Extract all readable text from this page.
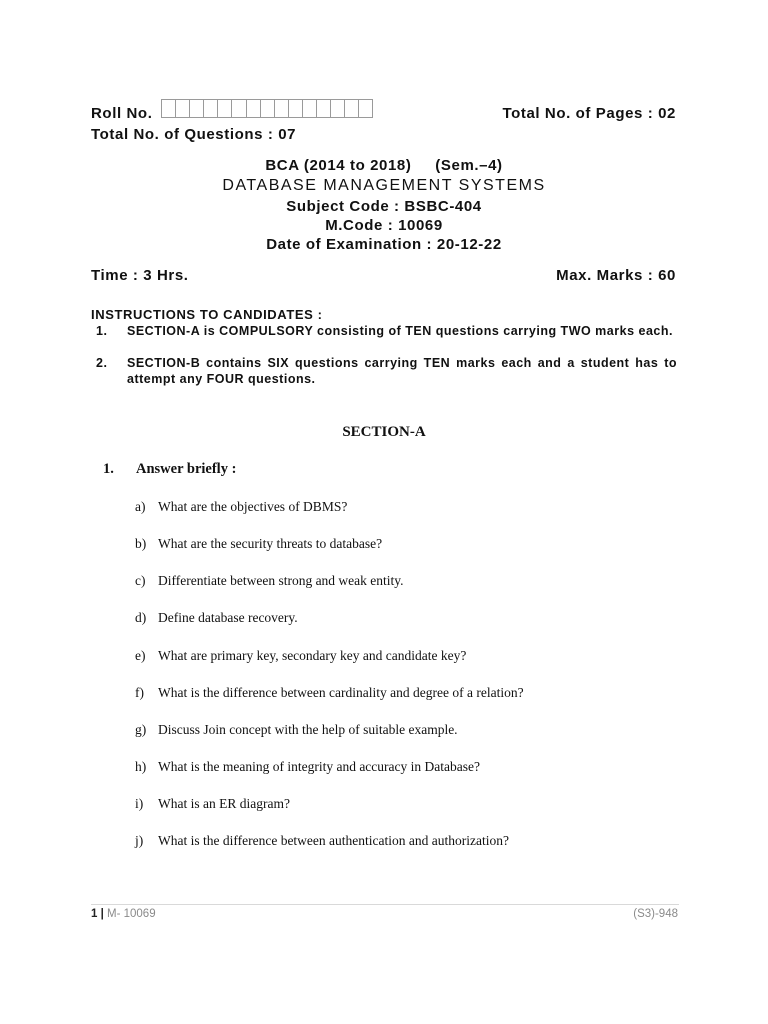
Roll No.	Total No. of Pages : 02
Total No. of Questions : 07
BCA (2014 to 2018)     (Sem.–4)
DATABASE MANAGEMENT SYSTEMS
Subject Code : BSBC-404
M.Code : 10069
Date of Examination : 20-12-22
Time : 3 Hrs.	Max. Marks : 60
INSTRUCTIONS TO CANDIDATES :
1. SECTION-A is COMPULSORY consisting of TEN questions carrying TWO marks each.
2. SECTION-B contains SIX questions carrying TEN marks each and a student has to attempt any FOUR questions.
SECTION-A
1. Answer briefly :
a) What are the objectives of DBMS?
b) What are the security threats to database?
c) Differentiate between strong and weak entity.
d) Define database recovery.
e) What are primary key, secondary key and candidate key?
f) What is the difference between cardinality and degree of a relation?
g) Discuss Join concept with the help of suitable example.
h) What is the meaning of integrity and accuracy in Database?
i) What is an ER diagram?
j) What is the difference between authentication and authorization?
1 | M- 10069	(S3)-948
